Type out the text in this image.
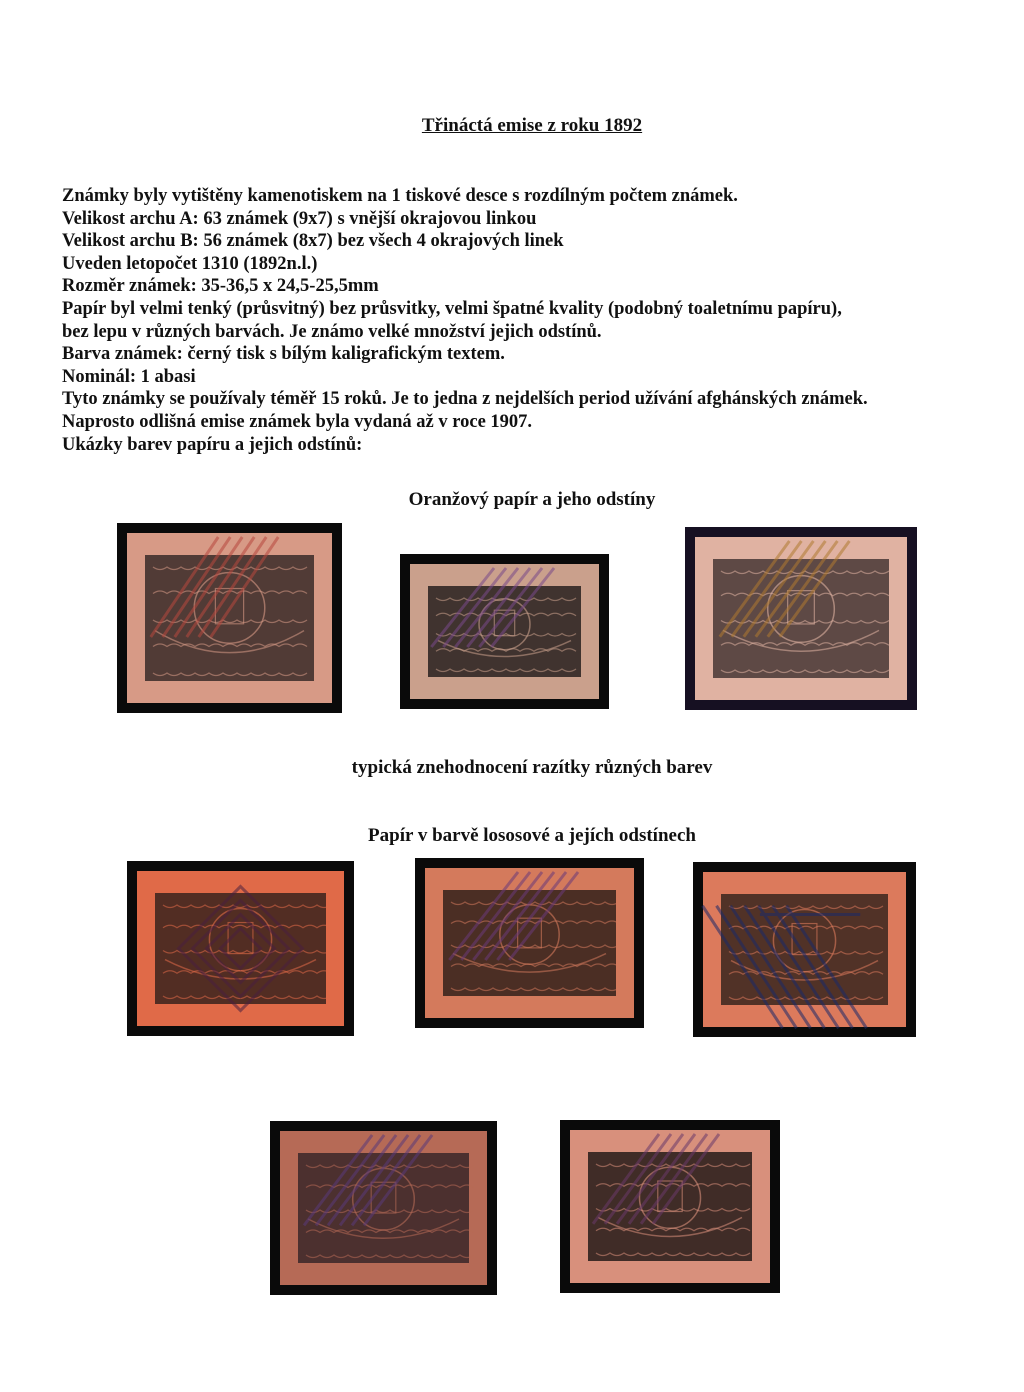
Třináctá emise z roku 1892

Známky byly vytištěny kamenotiskem na 1 tiskové desce s rozdílným počtem známek.

Velikost archu A: 63 známek (9x7) s vnější okrajovou linkou

Velikost archu B: 56 známek (8x7) bez všech 4 okrajových linek

Uveden letopočet 1310 (1892n.l.)

Rozměr známek: 35-36,5 x 24,5-25,5mm

Papír byl velmi tenký (průsvitný) bez průsvitky, velmi špatné kvality (podobný toaletnímu papíru),

bez lepu v různých barvách. Je známo velké množství jejich odstínů.

Barva známek: černý tisk s bílým kaligrafickým textem.

Nominál: 1 abasi

Tyto známky se používaly téměř 15 roků. Je to jedna z nejdelších period užívání afghánských známek.

Naprosto odlišná emise známek byla vydaná až v roce 1907.

Ukázky barev papíru a jejich odstínů:

Oranžový papír a jeho odstíny
typická znehodnocení razítky různých barev
Papír v barvě lososové a jejích odstínech
